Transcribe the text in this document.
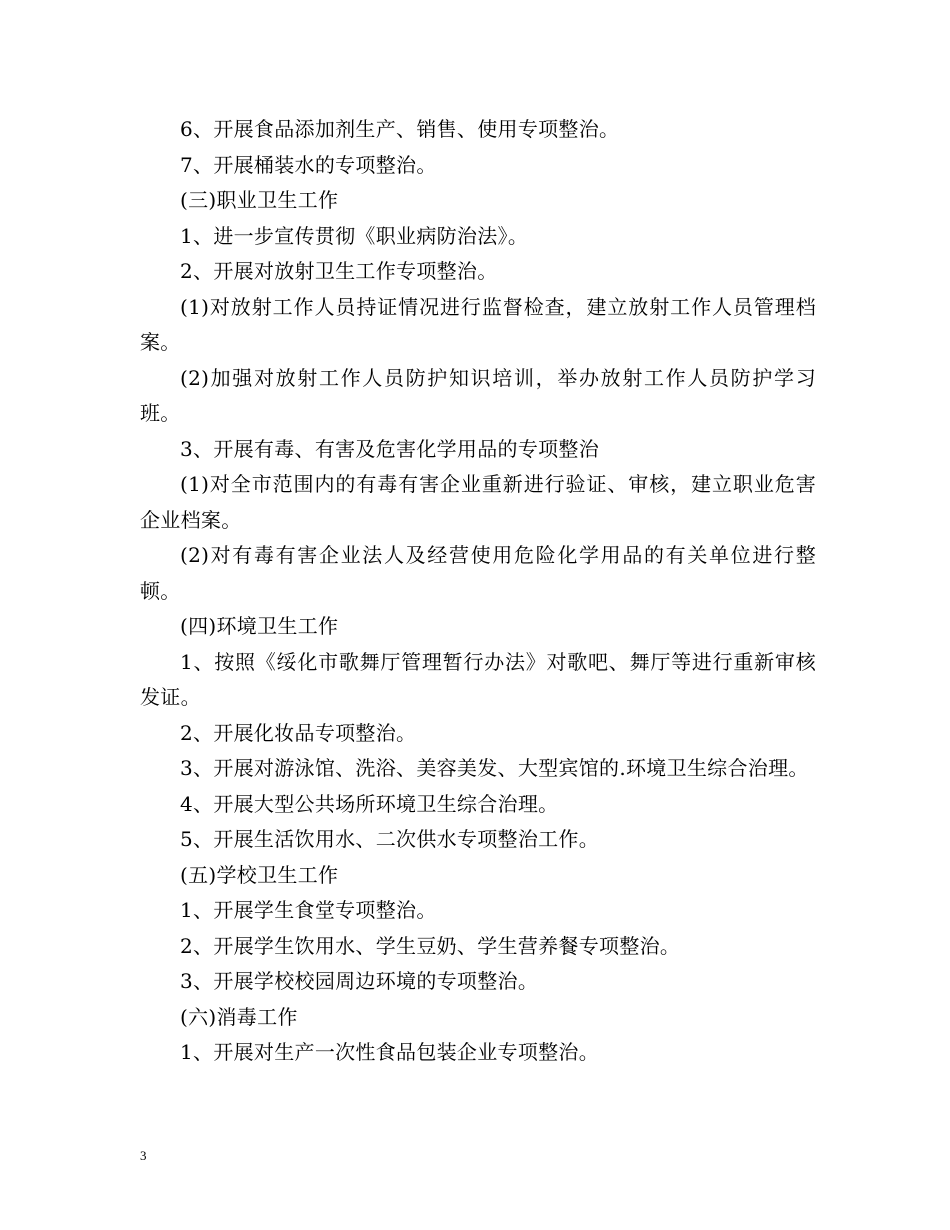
6、开展食品添加剂生产、销售、使用专项整治。

7、开展桶装水的专项整治。

(三)职业卫生工作

1、进一步宣传贯彻《职业病防治法》。

2、开展对放射卫生工作专项整治。

(1)对放射工作人员持证情况进行监督检查，建立放射工作人员管理档案。

(2)加强对放射工作人员防护知识培训，举办放射工作人员防护学习班。

3、开展有毒、有害及危害化学用品的专项整治

(1)对全市范围内的有毒有害企业重新进行验证、审核，建立职业危害企业档案。

(2)对有毒有害企业法人及经营使用危险化学用品的有关单位进行整顿。

(四)环境卫生工作

1、按照《绥化市歌舞厅管理暂行办法》对歌吧、舞厅等进行重新审核发证。

2、开展化妆品专项整治。

3、开展对游泳馆、洗浴、美容美发、大型宾馆的.环境卫生综合治理。

4、开展大型公共场所环境卫生综合治理。

5、开展生活饮用水、二次供水专项整治工作。

(五)学校卫生工作

1、开展学生食堂专项整治。

2、开展学生饮用水、学生豆奶、学生营养餐专项整治。

3、开展学校校园周边环境的专项整治。

(六)消毒工作

1、开展对生产一次性食品包装企业专项整治。

3
